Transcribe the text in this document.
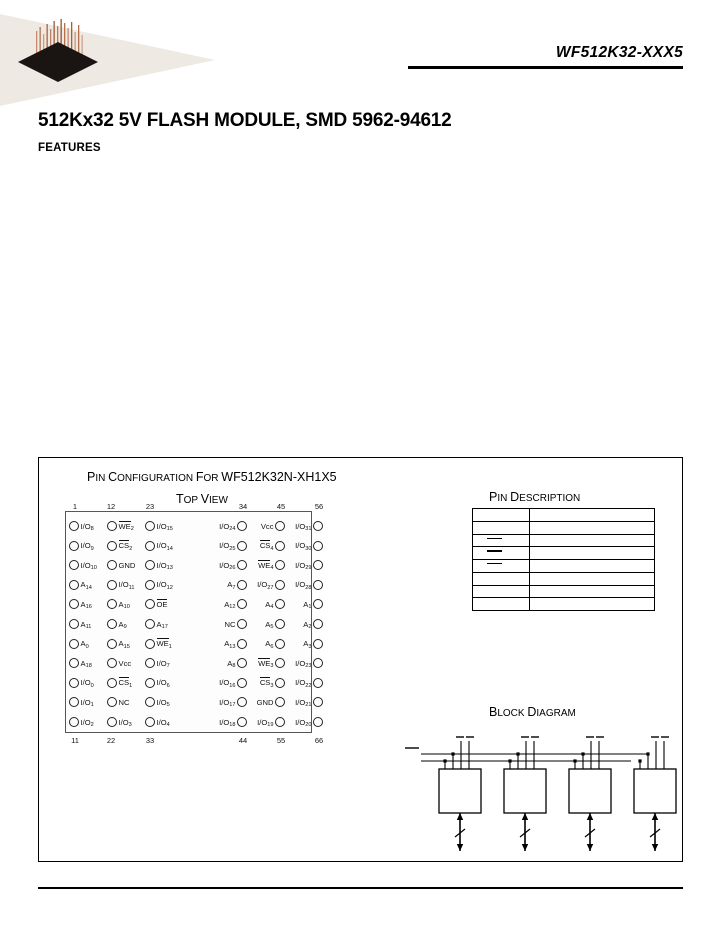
WF512K32-XXX5
512Kx32 5V FLASH MODULE, SMD 5962-94612
FEATURES
PIN CONFIGURATION FOR WF512K32N-XH1X5
TOP VIEW
1	12	23	34	45	56
11	22	33	44	55	66
$I/O_8$	$WE_2$	$I/O_{15}$	$I/O_{24}$	Vcc	$I/O_{31}$
$I/O_9$	$CS_2$	$I/O_{14}$	$I/O_{25}$	$CS_4$	$I/O_{30}$
$I/O_{10}$	GND	$I/O_{13}$	$I/O_{26}$	$WE_4$	$I/O_{29}$
$A_{14}$	$I/O_{11}$	$I/O_{12}$	$A_7$	$I/O_{27}$	$I/O_{28}$
$A_{16}$	$A_{10}$	OE	$A_{12}$	$A_4$	$A_1$
$A_{11}$	$A_9$	$A_{17}$	NC	$A_5$	$A_2$
$A_0$	$A_{15}$	$WE_1$	$A_{13}$	$A_6$	$A_3$
$A_{18}$	Vcc	$I/O_7$	$A_8$	$WE_3$	$I/O_{23}$
$I/O_0$	$CS_1$	$I/O_6$	$I/O_{16}$	$CS_3$	$I/O_{22}$
$I/O_1$	NC	$I/O_5$	$I/O_{17}$	GND	$I/O_{21}$
$I/O_2$	$I/O_3$	$I/O_4$	$I/O_{18}$	$I/O_{19}$	$I/O_{20}$
PIN DESCRIPTION
BLOCK DIAGRAM
